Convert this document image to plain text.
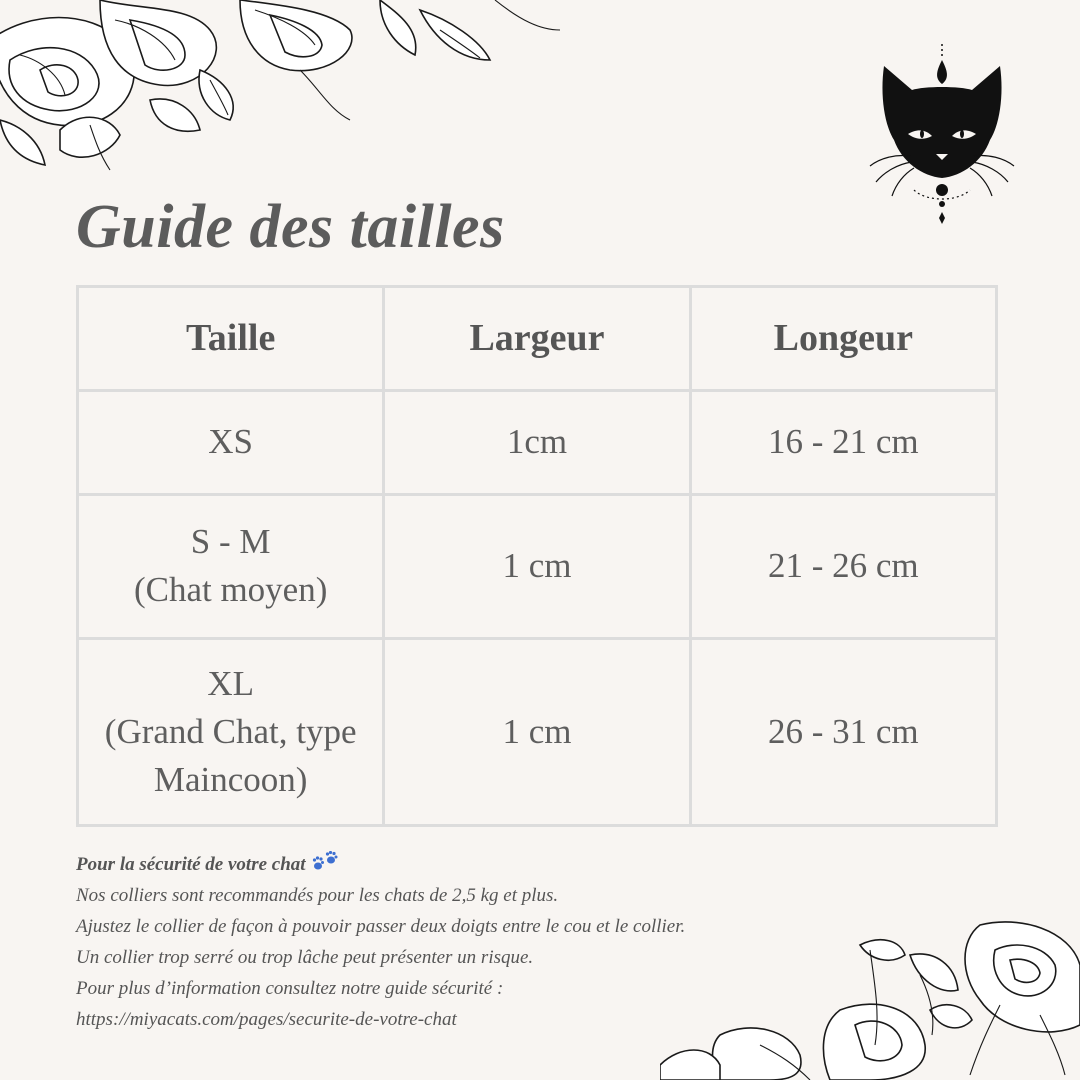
Guide des tailles
Taille	Largeur	Longeur

XS	1cm	16 - 21 cm

S - M
(Chat moyen)	1 cm	21 - 26 cm

XL
(Grand Chat, type
Maincoon)	1 cm	26 - 31 cm
Pour la sécurité de votre chat
Nos colliers sont recommandés pour les chats de 2,5 kg et plus.
Ajustez le collier de façon à pouvoir passer deux doigts entre le cou et le collier.
Un collier trop serré ou trop lâche peut présenter un risque.
Pour plus d’information consultez notre guide sécurité :
https://miyacats.com/pages/securite-de-votre-chat
